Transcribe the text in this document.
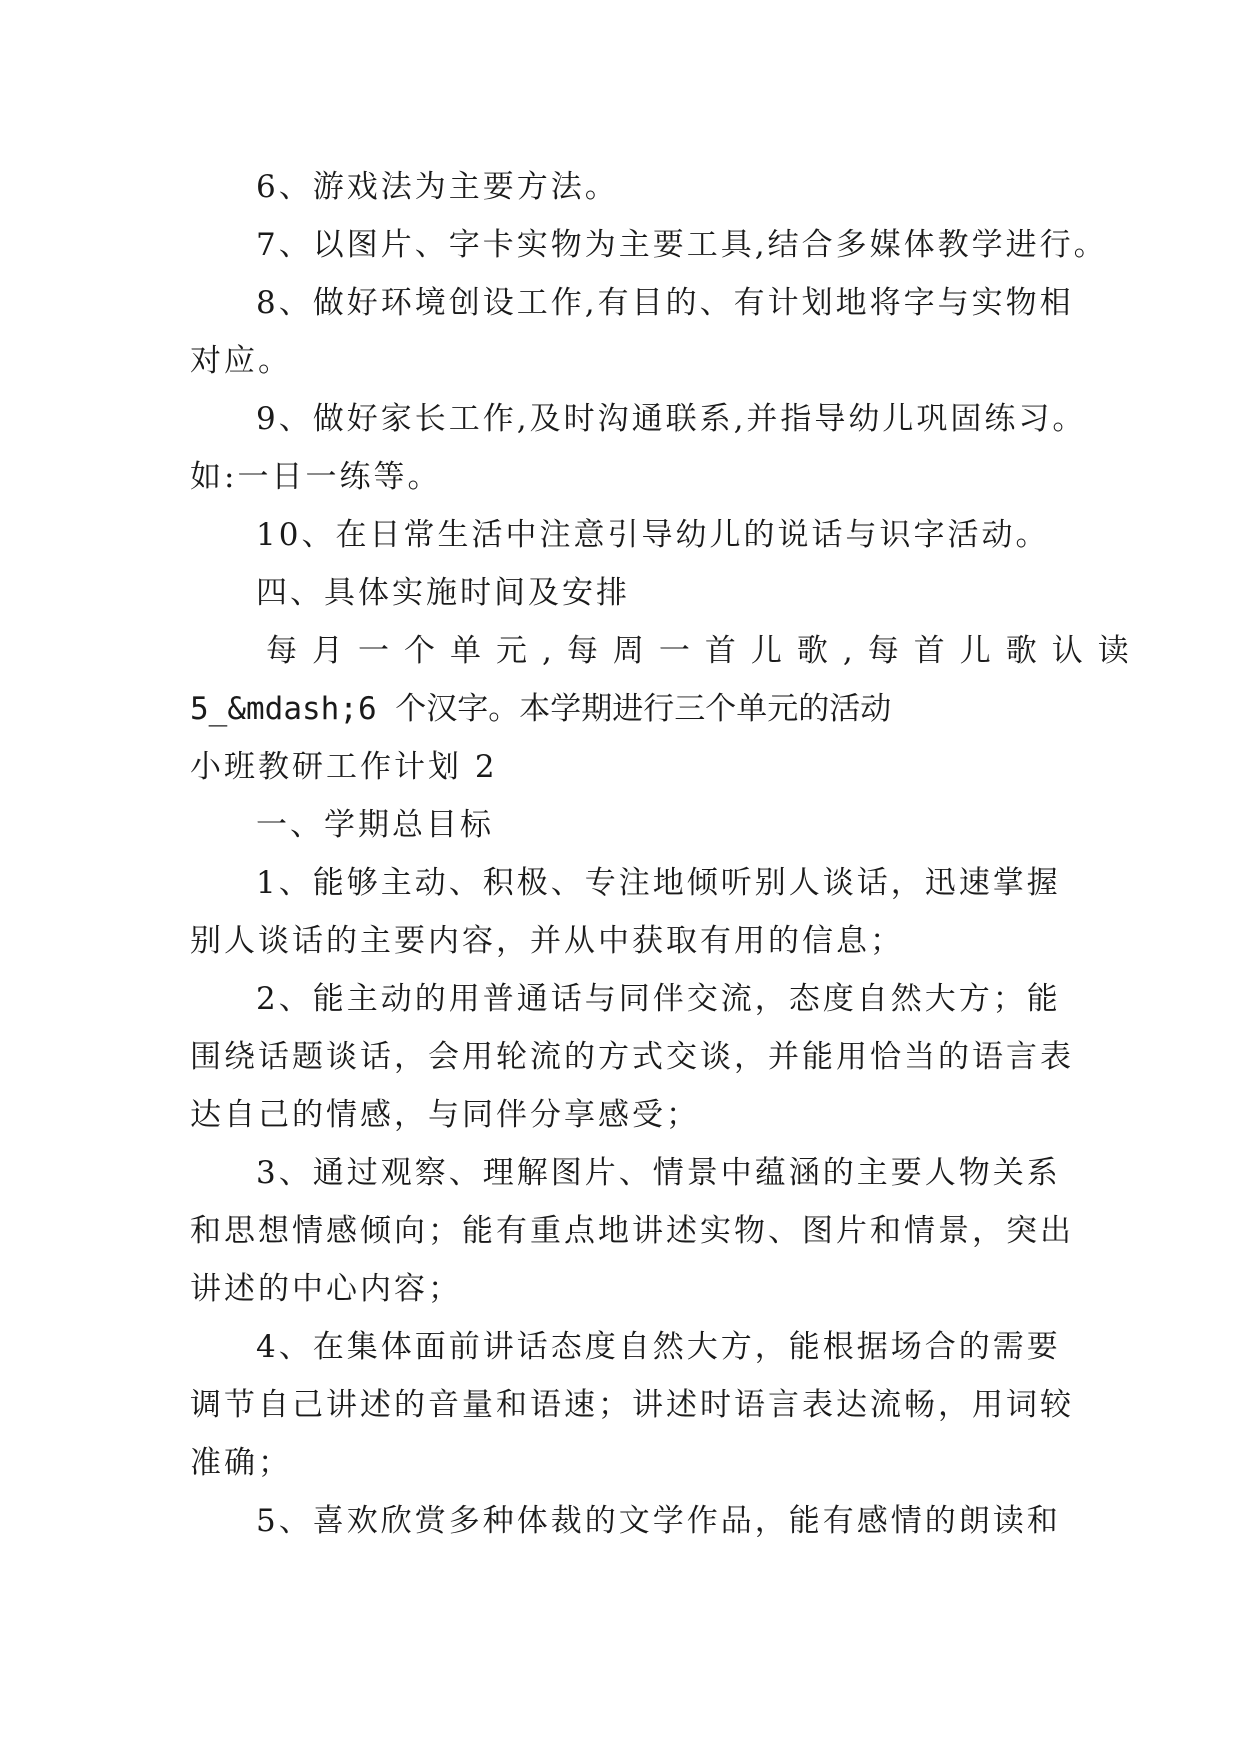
6、游戏法为主要方法。
7、以图片、字卡实物为主要工具,结合多媒体教学进行。
8、做好环境创设工作,有目的、有计划地将字与实物相
对应。
9、做好家长工作,及时沟通联系,并指导幼儿巩固练习。
如:一日一练等。
10、在日常生活中注意引导幼儿的说话与识字活动。
四、具体实施时间及安排
每月一个单元,每周一首儿歌,每首儿歌认读
5_&mdash;6 个汉字。本学期进行三个单元的活动
小班教研工作计划 2
一、学期总目标
1、能够主动、积极、专注地倾听别人谈话，迅速掌握
别人谈话的主要内容，并从中获取有用的信息；
2、能主动的用普通话与同伴交流，态度自然大方；能
围绕话题谈话，会用轮流的方式交谈，并能用恰当的语言表
达自己的情感，与同伴分享感受；
3、通过观察、理解图片、情景中蕴涵的主要人物关系
和思想情感倾向；能有重点地讲述实物、图片和情景，突出
讲述的中心内容；
4、在集体面前讲话态度自然大方，能根据场合的需要
调节自己讲述的音量和语速；讲述时语言表达流畅，用词较
准确；
5、喜欢欣赏多种体裁的文学作品，能有感情的朗读和
